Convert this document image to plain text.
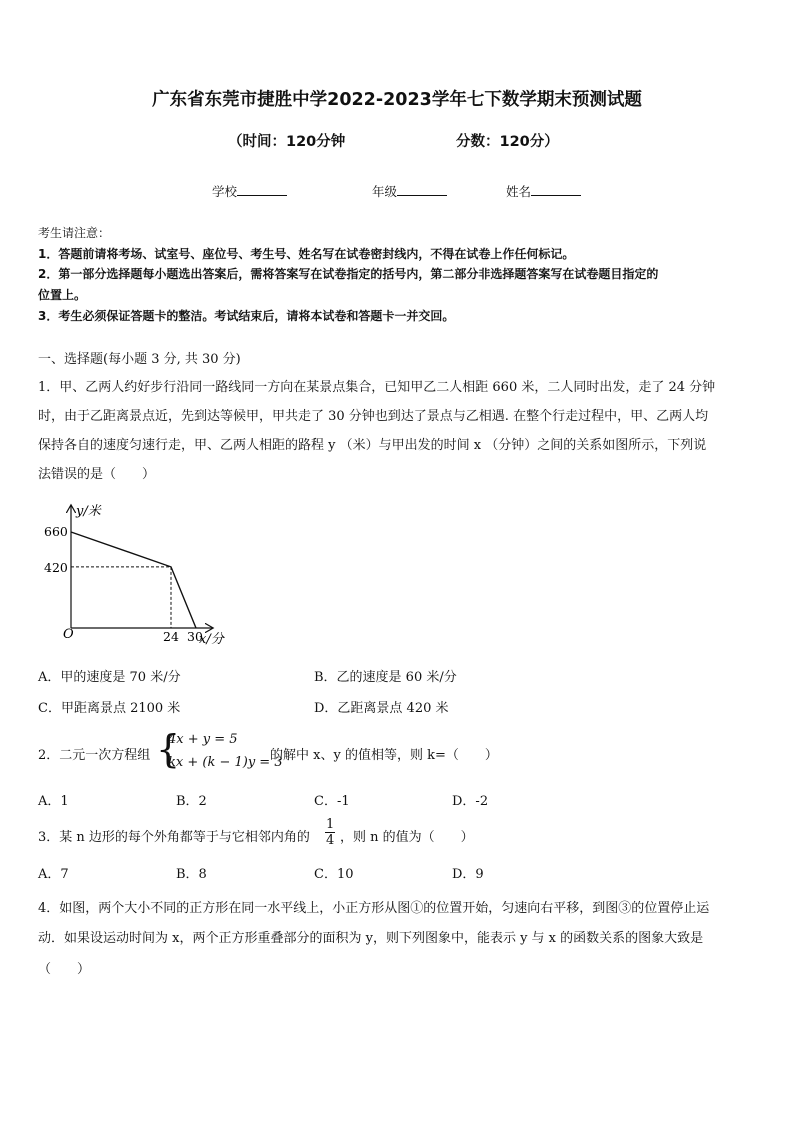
广东省东莞市捷胜中学2022-2023学年七下数学期末预测试题
（时间：120分钟	分数：120分）
学校	年级	姓名
考生请注意：
1．答题前请将考场、试室号、座位号、考生号、姓名写在试卷密封线内，不得在试卷上作任何标记。
2．第一部分选择题每小题选出答案后，需将答案写在试卷指定的括号内，第二部分非选择题答案写在试卷题目指定的
位置上。
3．考生必须保证答题卡的整洁。考试结束后，请将本试卷和答题卡一并交回。
一、选择题(每小题 3 分, 共 30 分)
1．甲、乙两人约好步行沿同一路线同一方向在某景点集合，已知甲乙二人相距 660 米，二人同时出发，走了 24 分钟
时，由于乙距离景点近，先到达等候甲，甲共走了 30 分钟也到达了景点与乙相遇. 在整个行走过程中，甲、乙两人均
保持各自的速度匀速行走，甲、乙两人相距的路程 y （米）与甲出发的时间 x （分钟）之间的关系如图所示，下列说
法错误的是（　　）
y/米
x/分
O
660
420
24 30
A．甲的速度是 70 米/分	B．乙的速度是 60 米/分
C．甲距离景点 2100 米	D．乙距离景点 420 米
2．二元一次方程组 {
4x + y = 5
kx + (k − 1)y = 3
的解中 x、y 的值相等，则 k=（　　）
A．1	B．2	C．-1	D．-2
3．某 n 边形的每个外角都等于与它相邻内角的 $\frac{1}{4}$ ，则 n 的值为（　　）
A．7	B．8	C．10	D．9
4．如图，两个大小不同的正方形在同一水平线上，小正方形从图①的位置开始，匀速向右平移，到图③的位置停止运
动．如果设运动时间为 x，两个正方形重叠部分的面积为 y，则下列图象中，能表示 y 与 x 的函数关系的图象大致是
（　　）
